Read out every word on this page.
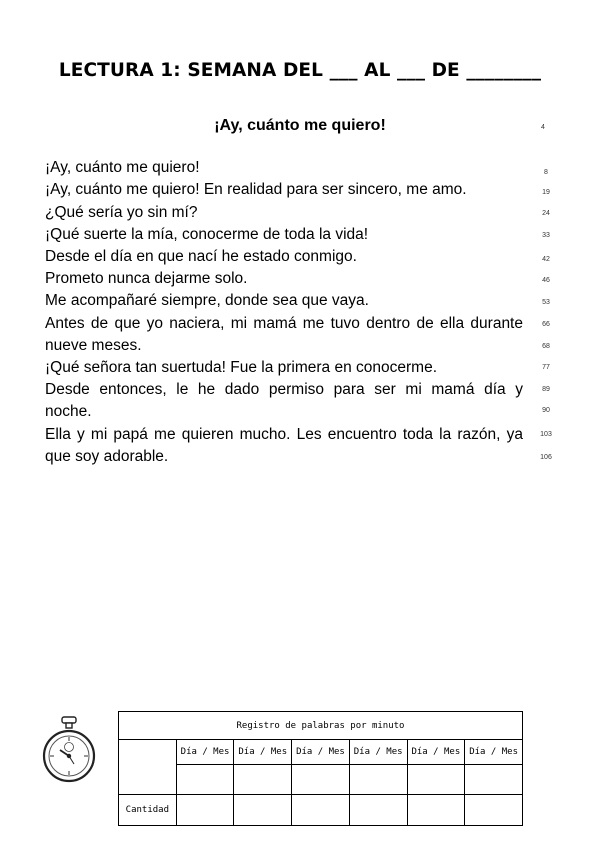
LECTURA 1: SEMANA DEL ___ AL ___ DE ________
¡Ay, cuánto me quiero!	4
¡Ay, cuánto me quiero!	8
¡Ay, cuánto me quiero! En realidad para ser sincero, me amo.	19
¿Qué sería yo sin mí?	24
¡Qué suerte la mía, conocerme de toda la vida!	33
Desde el día en que nací he estado conmigo.	42
Prometo nunca dejarme solo.	46
Me acompañaré siempre, donde sea que vaya.	53
Antes de que yo naciera, mi mamá me tuvo dentro de ella durante	66
nueve meses.	68
¡Qué señora tan suertuda! Fue la primera en conocerme.	77
Desde entonces, le he dado permiso para ser mi mamá día y	89
noche.	90
Ella y mi papá me quieren mucho. Les encuentro toda la razón, ya	103
que soy adorable.	106
Registro de palabras por minuto						
	Día / Mes	Día / Mes	Día / Mes	Día / Mes	Día / Mes	Día / Mes

Cantidad						
